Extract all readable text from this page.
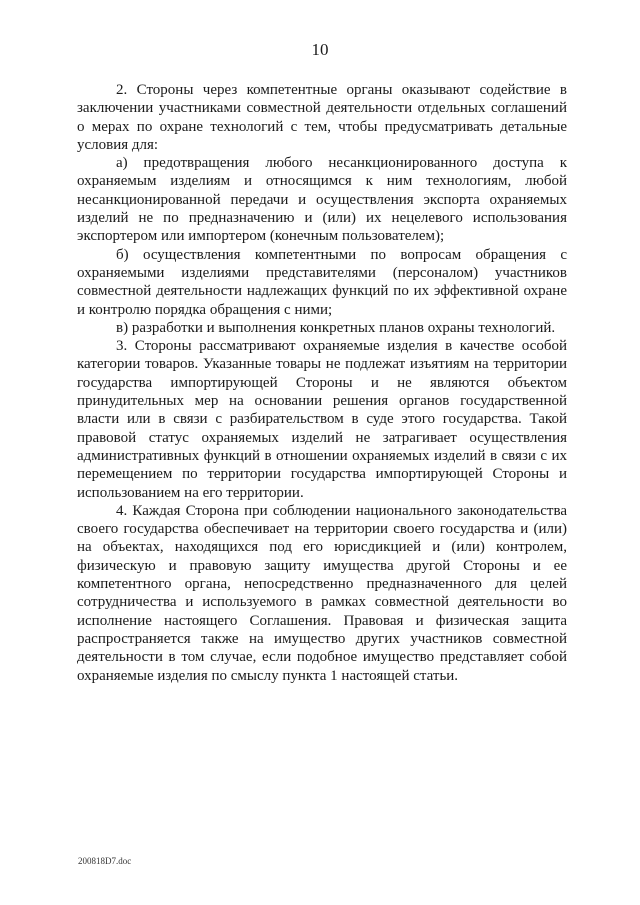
10

2. Стороны через компетентные органы оказывают содействие в заключении участниками совместной деятельности отдельных соглашений о мерах по охране технологий с тем, чтобы предусматривать детальные условия для:

а) предотвращения любого несанкционированного доступа к охраняемым изделиям и относящимся к ним технологиям, любой несанкционированной передачи и осуществления экспорта охраняемых изделий не по предназначению и (или) их нецелевого использования экспортером или импортером (конечным пользователем);

б) осуществления компетентными по вопросам обращения с охраняемыми изделиями представителями (персоналом) участников совместной деятельности надлежащих функций по их эффективной охране и контролю порядка обращения с ними;

в) разработки и выполнения конкретных планов охраны технологий.

3. Стороны рассматривают охраняемые изделия в качестве особой категории товаров. Указанные товары не подлежат изъятиям на территории государства импортирующей Стороны и не являются объектом принудительных мер на основании решения органов государственной власти или в связи с разбирательством в суде этого государства. Такой правовой статус охраняемых изделий не затрагивает осуществления административных функций в отношении охраняемых изделий в связи с их перемещением по территории государства импортирующей Стороны и использованием на его территории.

4. Каждая Сторона при соблюдении национального законодательства своего государства обеспечивает на территории своего государства и (или) на объектах, находящихся под его юрисдикцией и (или) контролем, физическую и правовую защиту имущества другой Стороны и ее компетентного органа, непосредственно предназначенного для целей сотрудничества и используемого в рамках совместной деятельности во исполнение настоящего Соглашения. Правовая и физическая защита распространяется также на имущество других участников совместной деятельности в том случае, если подобное имущество представляет собой охраняемые изделия по смыслу пункта 1 настоящей статьи.

200818D7.doc
